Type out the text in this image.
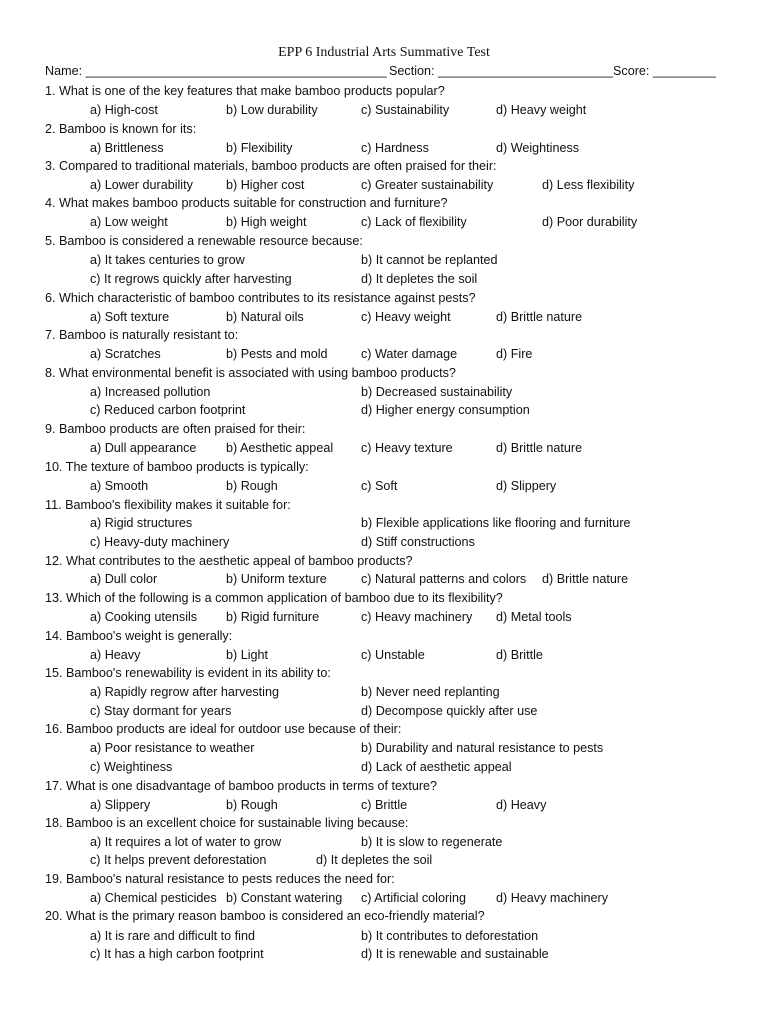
EPP 6 Industrial Arts Summative Test
Name: ___________________________________________ Section: _________________________ Score: _________
1. What is one of the key features that make bamboo products popular?
a) High-cost	b) Low durability	c) Sustainability	d) Heavy weight
2. Bamboo is known for its:
a) Brittleness	b) Flexibility	c) Hardness	d) Weightiness
3. Compared to traditional materials, bamboo products are often praised for their:
a) Lower durability	b) Higher cost	c) Greater sustainability	d) Less flexibility
4. What makes bamboo products suitable for construction and furniture?
a) Low weight	b) High weight	c) Lack of flexibility	d) Poor durability
5. Bamboo is considered a renewable resource because:
a) It takes centuries to grow	b) It cannot be replanted
c) It regrows quickly after harvesting	d) It depletes the soil
6. Which characteristic of bamboo contributes to its resistance against pests?
a) Soft texture	b) Natural oils	c) Heavy weight	d) Brittle nature
7. Bamboo is naturally resistant to:
a) Scratches	b) Pests and mold	c) Water damage	d) Fire
8. What environmental benefit is associated with using bamboo products?
a) Increased pollution	b) Decreased sustainability
c) Reduced carbon footprint	d) Higher energy consumption
9. Bamboo products are often praised for their:
a) Dull appearance b) Aesthetic appeal c) Heavy texture	d) Brittle nature
10. The texture of bamboo products is typically:
a) Smooth	b) Rough	c) Soft	d) Slippery
11. Bamboo's flexibility makes it suitable for:
a) Rigid structures	b) Flexible applications like flooring and furniture
c) Heavy-duty machinery	d) Stiff constructions
12. What contributes to the aesthetic appeal of bamboo products?
a) Dull color	b) Uniform texture	c) Natural patterns and colors d) Brittle nature
13. Which of the following is a common application of bamboo due to its flexibility?
a) Cooking utensils b) Rigid furniture	c) Heavy machinery d) Metal tools
14. Bamboo's weight is generally:
a) Heavy	b) Light	c) Unstable	d) Brittle
15. Bamboo's renewability is evident in its ability to:
a) Rapidly regrow after harvesting	b) Never need replanting
c) Stay dormant for years	d) Decompose quickly after use
16. Bamboo products are ideal for outdoor use because of their:
a) Poor resistance to weather	b) Durability and natural resistance to pests
c) Weightiness	d) Lack of aesthetic appeal
17. What is one disadvantage of bamboo products in terms of texture?
a) Slippery	b) Rough	c) Brittle	d) Heavy
18. Bamboo is an excellent choice for sustainable living because:
a) It requires a lot of water to grow	b) It is slow to regenerate
c) It helps prevent deforestation	d) It depletes the soil
19. Bamboo's natural resistance to pests reduces the need for:
a) Chemical pesticides b) Constant watering c) Artificial coloring d) Heavy machinery
20. What is the primary reason bamboo is considered an eco-friendly material?
a) It is rare and difficult to find	b) It contributes to deforestation
c) It has a high carbon footprint	d) It is renewable and sustainable
